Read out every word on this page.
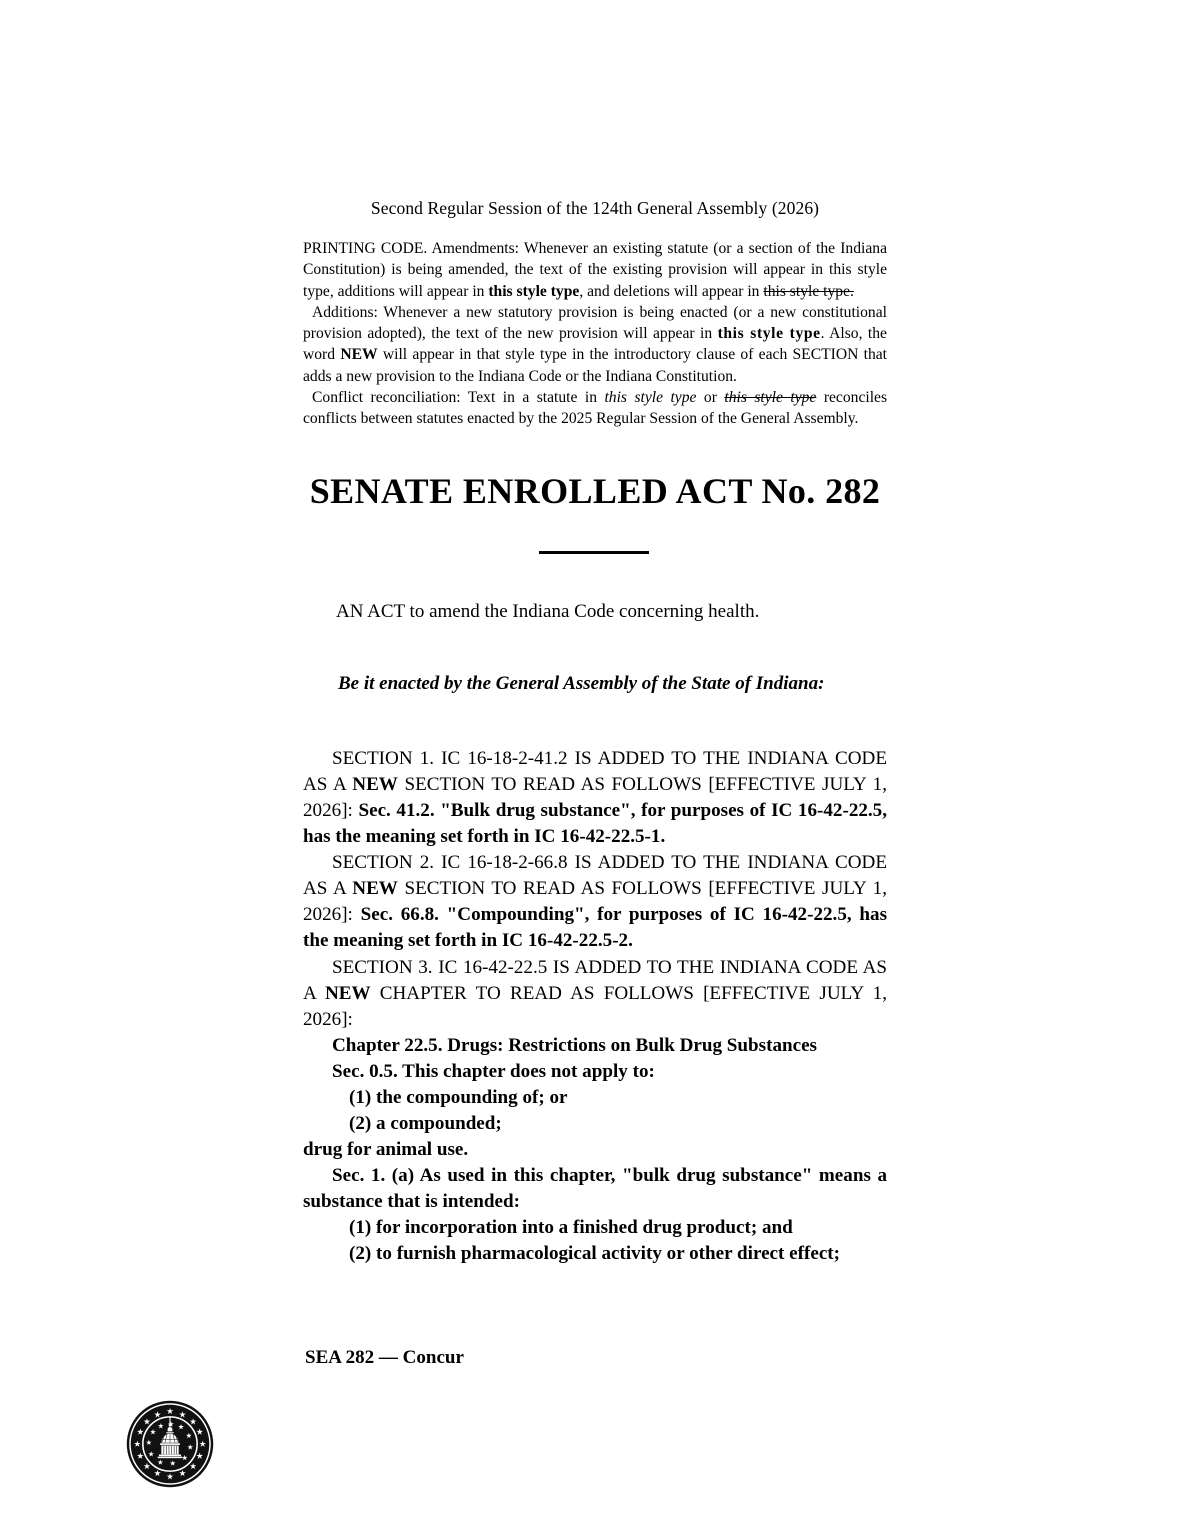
Second Regular Session of the 124th General Assembly (2026)

PRINTING CODE. Amendments: Whenever an existing statute (or a section of the Indiana Constitution) is being amended, the text of the existing provision will appear in this style type, additions will appear in this style type, and deletions will appear in this style type.

Additions: Whenever a new statutory provision is being enacted (or a new constitutional provision adopted), the text of the new provision will appear in this style type. Also, the word NEW will appear in that style type in the introductory clause of each SECTION that adds a new provision to the Indiana Code or the Indiana Constitution.

Conflict reconciliation: Text in a statute in this style type or this style type reconciles conflicts between statutes enacted by the 2025 Regular Session of the General Assembly.

SENATE ENROLLED ACT No. 282
AN ACT to amend the Indiana Code concerning health.
Be it enacted by the General Assembly of the State of Indiana:

SECTION 1. IC 16-18-2-41.2 IS ADDED TO THE INDIANA CODE AS A NEW SECTION TO READ AS FOLLOWS [EFFECTIVE JULY 1, 2026]: Sec. 41.2. "Bulk drug substance", for purposes of IC 16-42-22.5, has the meaning set forth in IC 16-42-22.5-1.

SECTION 2. IC 16-18-2-66.8 IS ADDED TO THE INDIANA CODE AS A NEW SECTION TO READ AS FOLLOWS [EFFECTIVE JULY 1, 2026]: Sec. 66.8. "Compounding", for purposes of IC 16-42-22.5, has the meaning set forth in IC 16-42-22.5-2.

SECTION 3. IC 16-42-22.5 IS ADDED TO THE INDIANA CODE AS A NEW CHAPTER TO READ AS FOLLOWS [EFFECTIVE JULY 1, 2026]:

Chapter 22.5. Drugs: Restrictions on Bulk Drug Substances

Sec. 0.5. This chapter does not apply to:

(1) the compounding of; or

(2) a compounded;

drug for animal use.

Sec. 1. (a) As used in this chapter, "bulk drug substance" means a substance that is intended:

(1) for incorporation into a finished drug product; and

(2) to furnish pharmacological activity or other direct effect;

SEA 282 — Concur
